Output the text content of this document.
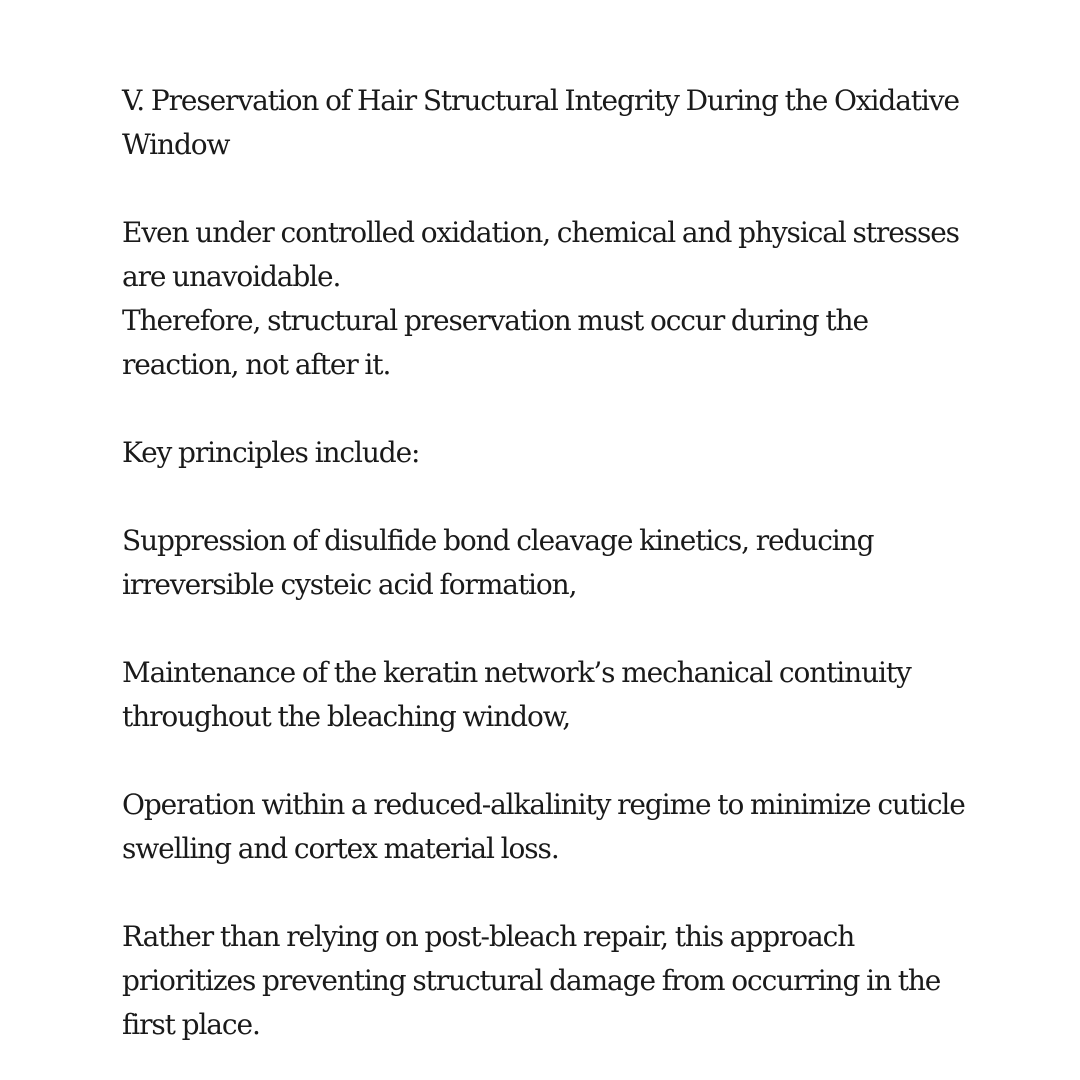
V. Preservation of Hair Structural Integrity During the Oxidative Window

Even under controlled oxidation, chemical and physical stresses are unavoidable.

Therefore, structural preservation must occur during the reaction, not after it.

Key principles include:

Suppression of disulfide bond cleavage kinetics, reducing irreversible cysteic acid formation,

Maintenance of the keratin network’s mechanical continuity throughout the bleaching window,

Operation within a reduced-alkalinity regime to minimize cuticle swelling and cortex material loss.

Rather than relying on post-bleach repair, this approach prioritizes preventing structural damage from occurring in the first place.
